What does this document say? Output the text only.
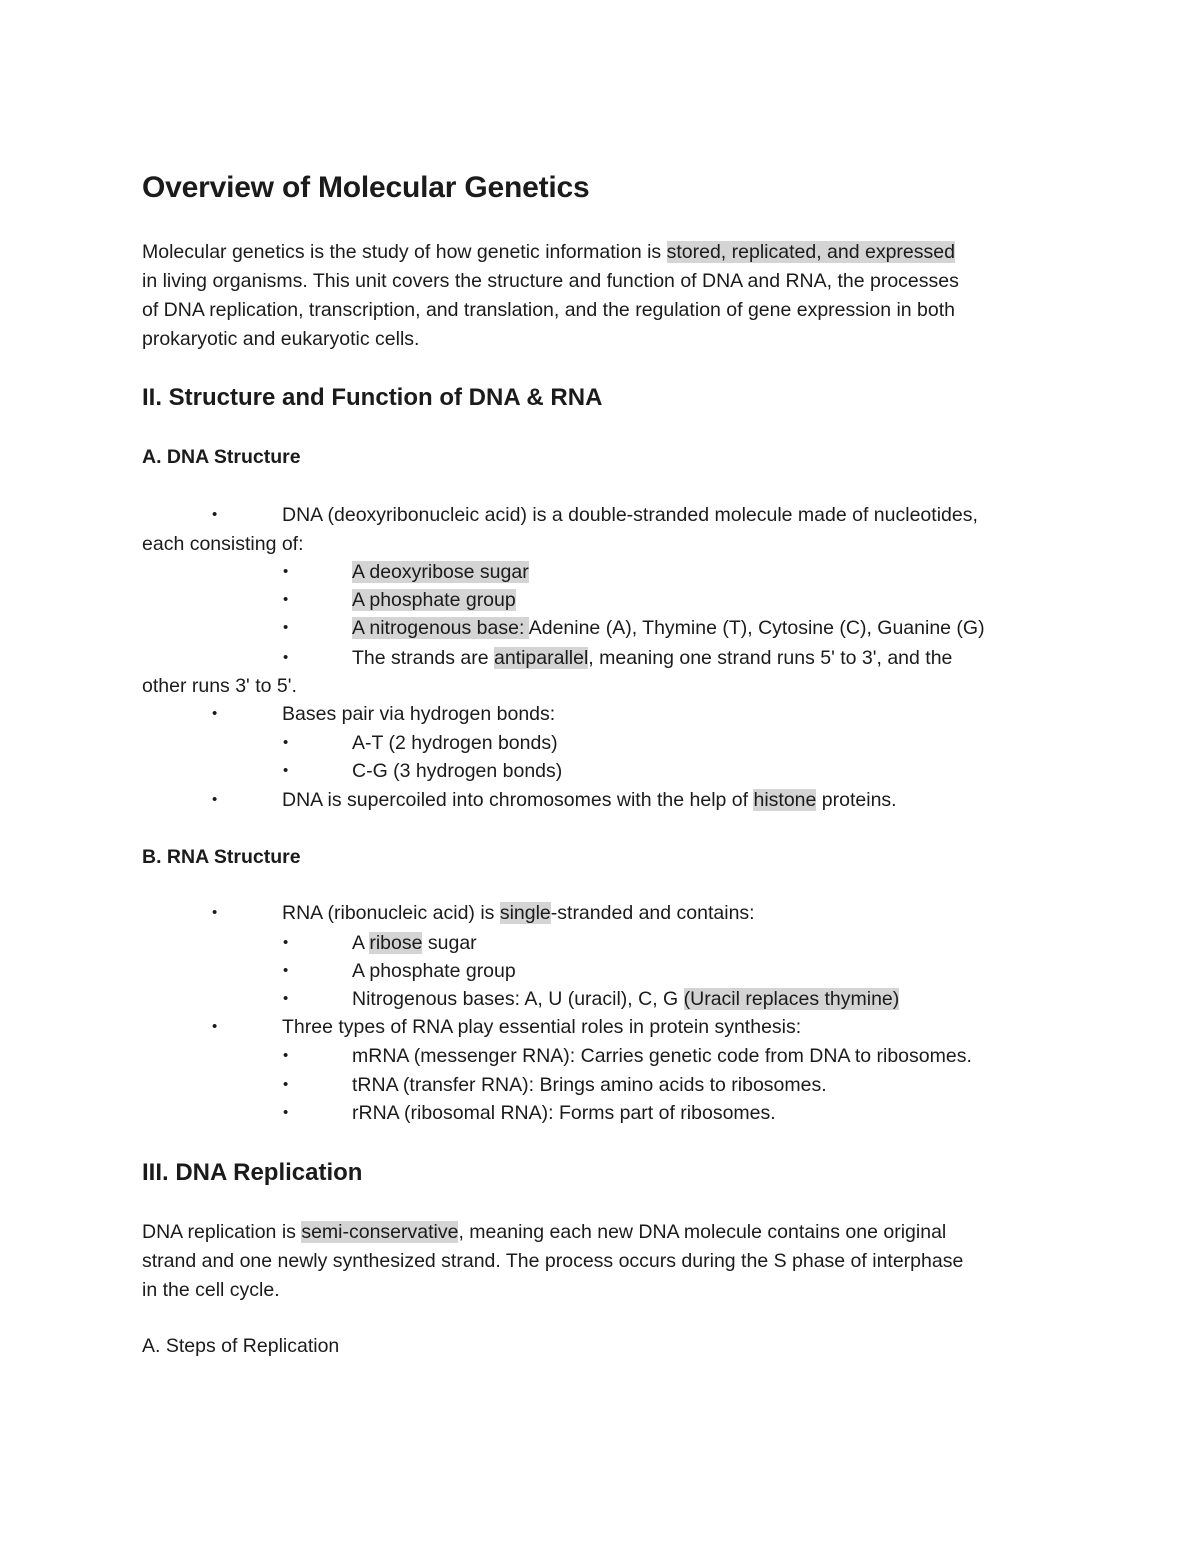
Overview of Molecular Genetics
Molecular genetics is the study of how genetic information is stored, replicated, and expressed
in living organisms. This unit covers the structure and function of DNA and RNA, the processes
of DNA replication, transcription, and translation, and the regulation of gene expression in both
prokaryotic and eukaryotic cells.
II. Structure and Function of DNA & RNA
A. DNA Structure
•	DNA (deoxyribonucleic acid) is a double-stranded molecule made of nucleotides,
each consisting of:
•	A deoxyribose sugar
•	A phosphate group
•	A nitrogenous base: Adenine (A), Thymine (T), Cytosine (C), Guanine (G)
•	The strands are antiparallel, meaning one strand runs 5' to 3', and the
other runs 3' to 5'.
•	Bases pair via hydrogen bonds:
•	A-T (2 hydrogen bonds)
•	C-G (3 hydrogen bonds)
•	DNA is supercoiled into chromosomes with the help of histone proteins.
B. RNA Structure
•	RNA (ribonucleic acid) is single-stranded and contains:
•	A ribose sugar
•	A phosphate group
•	Nitrogenous bases: A, U (uracil), C, G (Uracil replaces thymine)
•	Three types of RNA play essential roles in protein synthesis:
•	mRNA (messenger RNA): Carries genetic code from DNA to ribosomes.
•	tRNA (transfer RNA): Brings amino acids to ribosomes.
•	rRNA (ribosomal RNA): Forms part of ribosomes.
III. DNA Replication
DNA replication is semi-conservative, meaning each new DNA molecule contains one original
strand and one newly synthesized strand. The process occurs during the S phase of interphase
in the cell cycle.
A. Steps of Replication
